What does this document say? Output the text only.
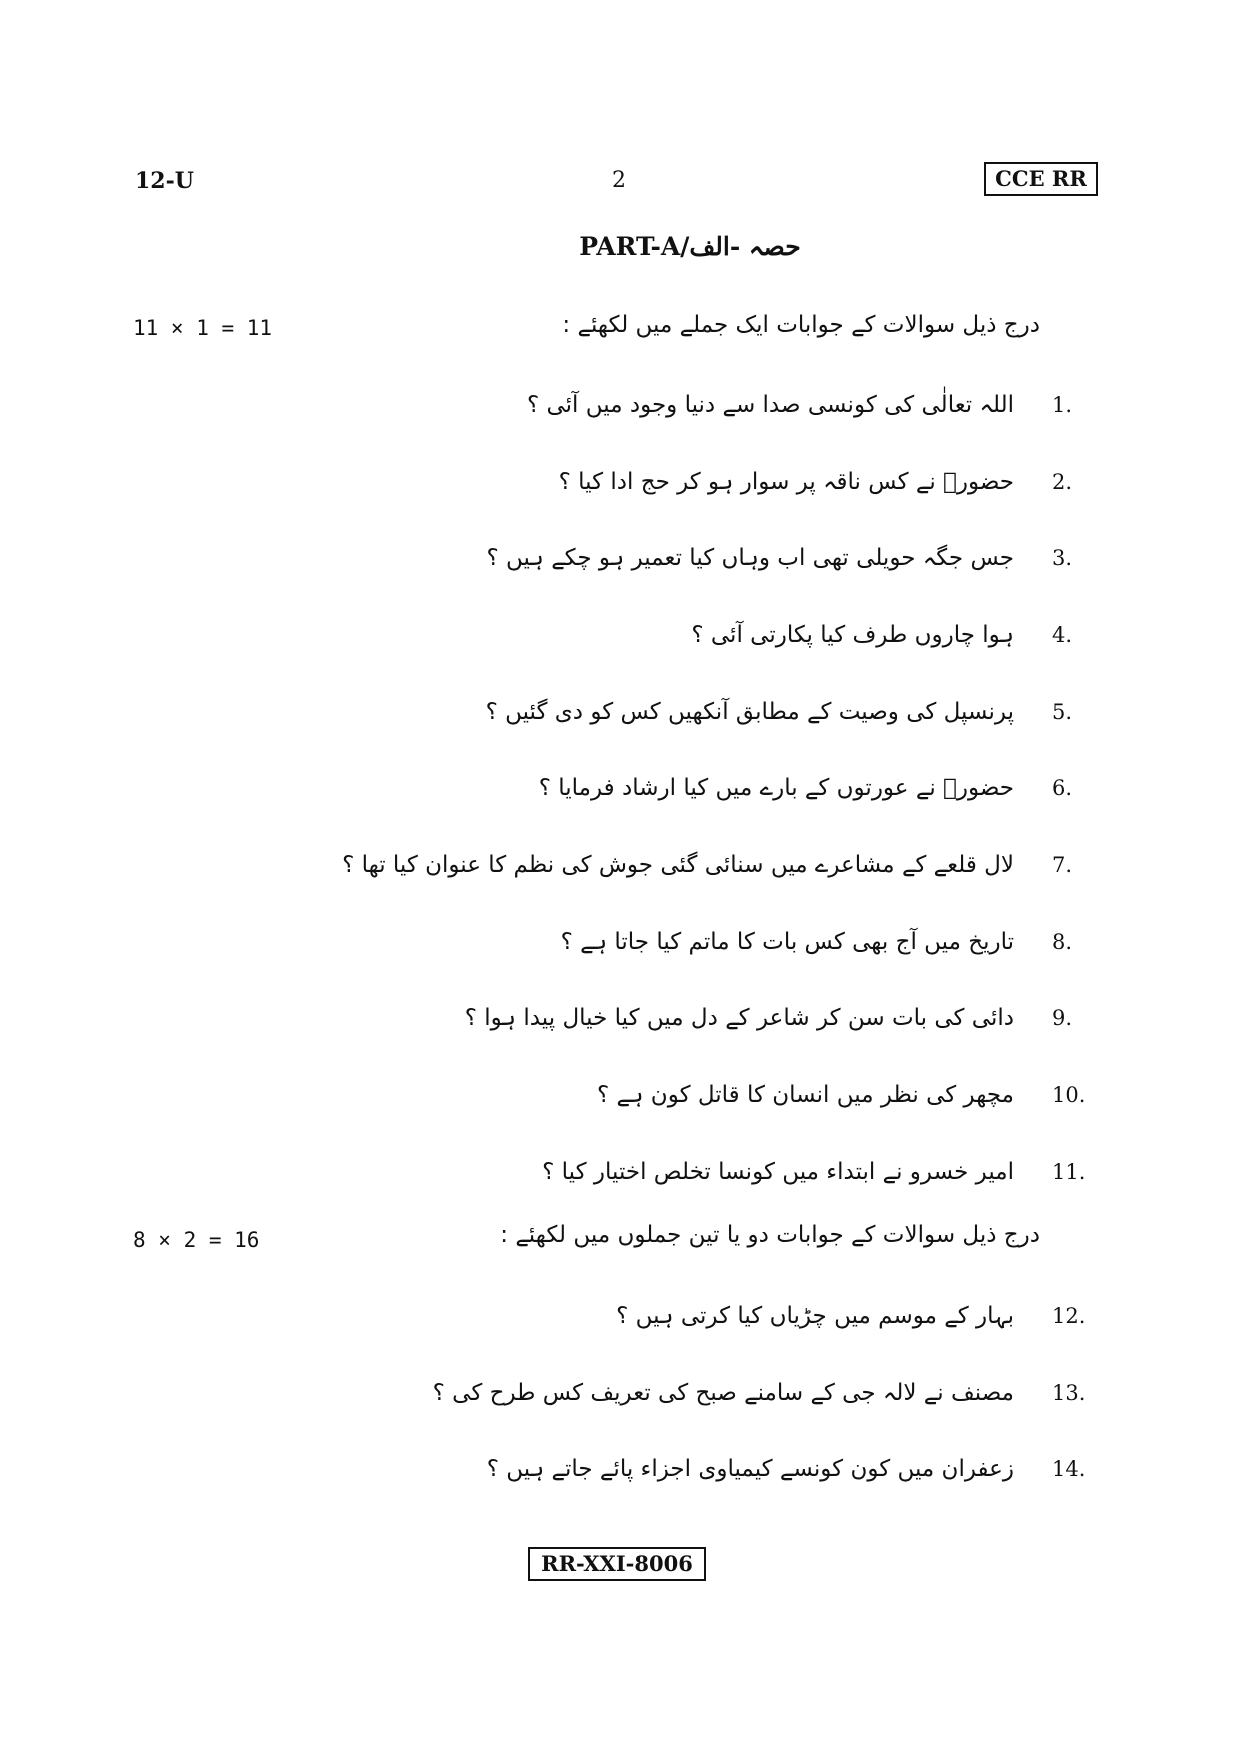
12-U	2	CCE RR
PART-A/حصہ -الف
11 × 1 = 11	درج ذیل سوالات کے جوابات ایک جملے میں لکھئے :
1.
اللہ تعالٰی کی کونسی صدا سے دنیا وجود میں آئی ؟
2.
حضورؐ نے کس ناقہ پر سوار ہو کر حج ادا کیا ؟
3.
جس جگہ حویلی تھی اب وہاں کیا تعمیر ہو چکے ہیں ؟
4.
ہوا چاروں طرف کیا پکارتی آئی ؟
5.
پرنسپل کی وصیت کے مطابق آنکھیں کس کو دی گئیں ؟
6.
حضورؐ نے عورتوں کے بارے میں کیا ارشاد فرمایا ؟
7.
لال قلعے کے مشاعرے میں سنائی گئی جوش کی نظم کا عنوان کیا تھا ؟
8.
تاریخ میں آج بھی کس بات کا ماتم کیا جاتا ہے ؟
9.
دائی کی بات سن کر شاعر کے دل میں کیا خیال پیدا ہوا ؟
10.
مچھر کی نظر میں انسان کا قاتل کون ہے ؟
11.
امیر خسرو نے ابتداء میں کونسا تخلص اختیار کیا ؟
8 × 2 = 16	درج ذیل سوالات کے جوابات دو یا تین جملوں میں لکھئے :
12.
بہار کے موسم میں چڑیاں کیا کرتی ہیں ؟
13.
مصنف نے لالہ جی کے سامنے صبح کی تعریف کس طرح کی ؟
14.
زعفران میں کون کونسے کیمیاوی اجزاء پائے جاتے ہیں ؟
RR-XXI-8006
